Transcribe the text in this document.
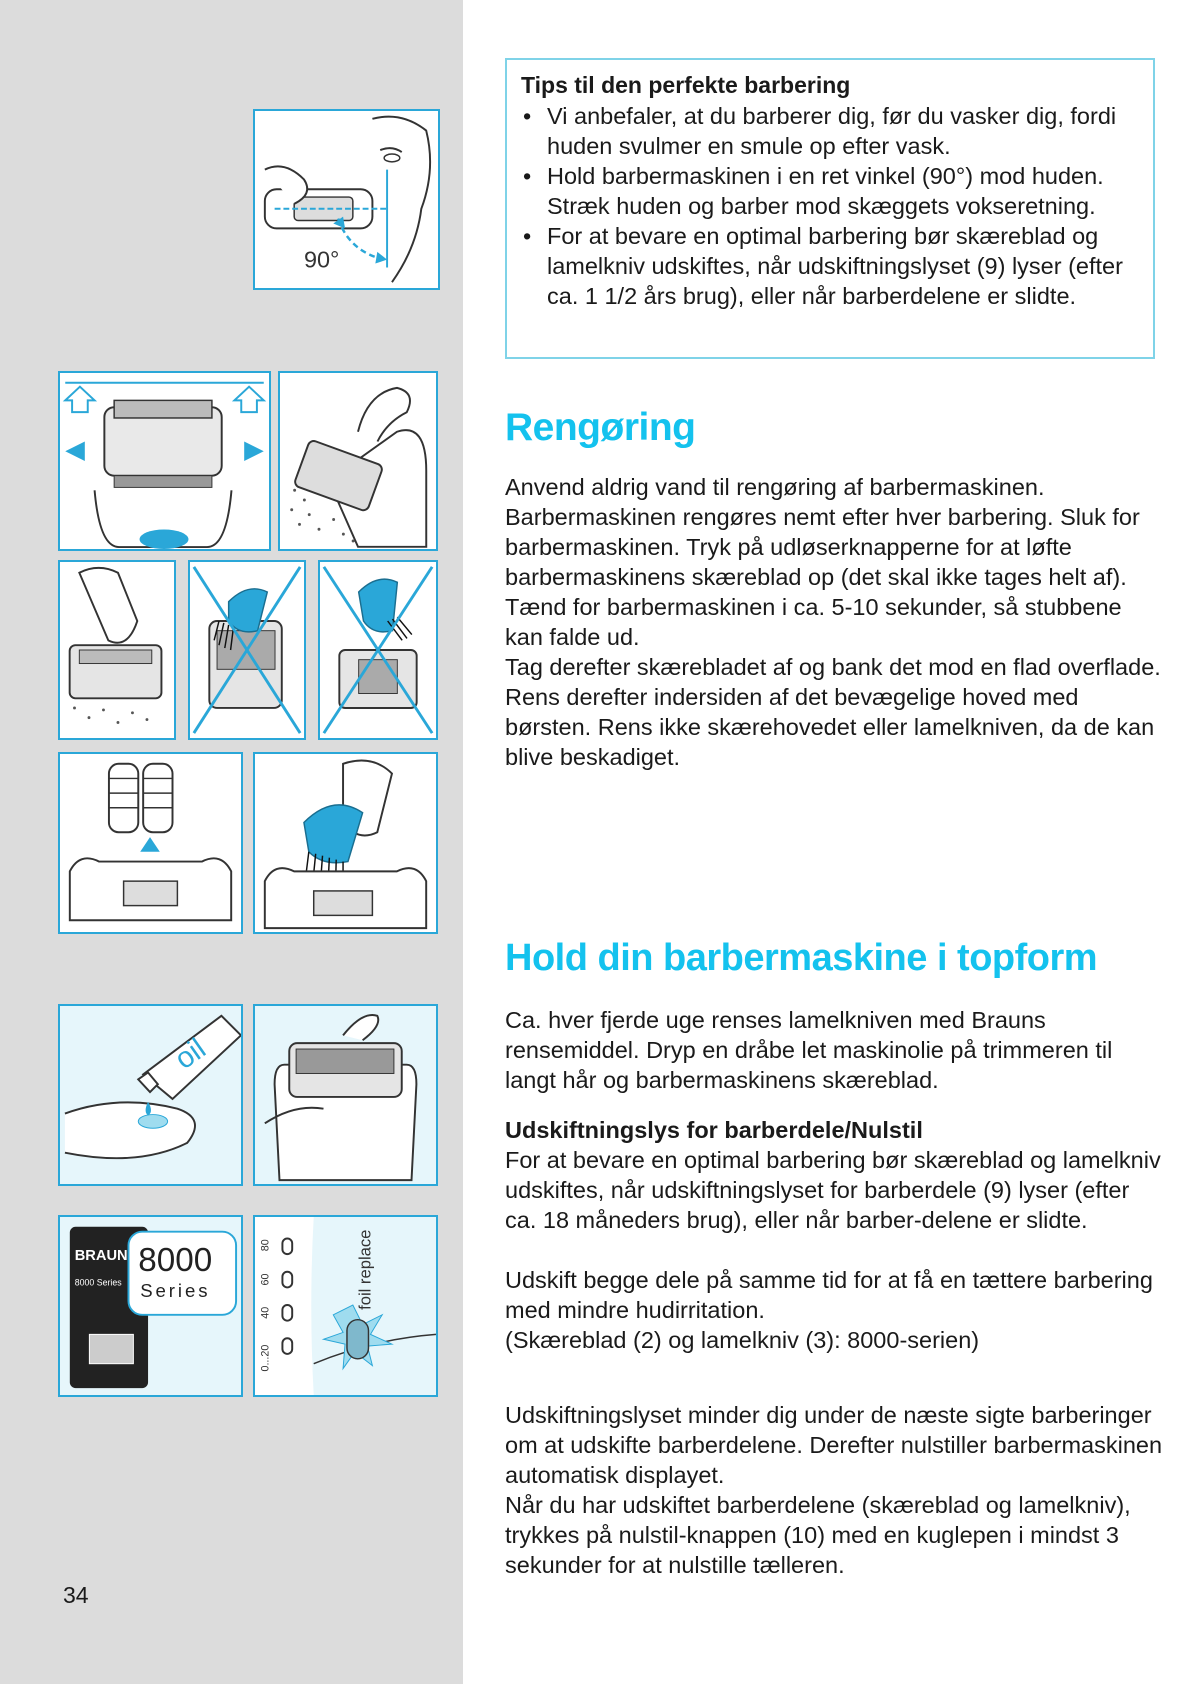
90°
oil
BRAUN
8000 Series
8000
Series
80
60
40
0...20
foil replace
34
Tips til den perfekte barbering
• Vi anbefaler, at du barberer dig, før du vasker dig, fordi huden svulmer en smule op efter vask.
• Hold barbermaskinen i en ret vinkel (90°) mod huden. Stræk huden og barber mod skæggets vokseretning.
• For at bevare en optimal barbering bør skæreblad og lamelkniv udskiftes, når udskiftningslyset (9) lyser (efter ca. 1 1/2 års brug), eller når barberdelene er slidte.
Rengøring

Anvend aldrig vand til rengøring af barbermaskinen. Barbermaskinen rengøres nemt efter hver barbering. Sluk for barbermaskinen. Tryk på udløserknapperne for at løfte barbermaskinens skæreblad op (det skal ikke tages helt af). Tænd for barbermaskinen i ca. 5-10 sekunder, så stubbene kan falde ud.

Tag derefter skærebladet af og bank det mod en flad overflade. Rens derefter indersiden af det bevægelige hoved med børsten. Rens ikke skærehovedet eller lamelkniven, da de kan blive beskadiget.

Hold din barbermaskine i topform

Ca. hver fjerde uge renses lamelkniven med Brauns rensemiddel. Dryp en dråbe let maskinolie på trimmeren til langt hår og barbermaskinens skæreblad.

Udskiftningslys for barberdele/Nulstil

For at bevare en optimal barbering bør skæreblad og lamelkniv udskiftes, når udskiftningslyset for barberdele (9) lyser (efter ca. 18 måneders brug), eller når barber-delene er slidte.

Udskift begge dele på samme tid for at få en tættere barbering med mindre hudirritation.

(Skæreblad (2) og lamelkniv (3): 8000-serien)

Udskiftningslyset minder dig under de næste sigte barberinger om at udskifte barberdelene. Derefter nulstiller barbermaskinen automatisk displayet.

Når du har udskiftet barberdelene (skæreblad og lamelkniv), trykkes på nulstil-knappen (10) med en kuglepen i mindst 3 sekunder for at nulstille tælleren.
